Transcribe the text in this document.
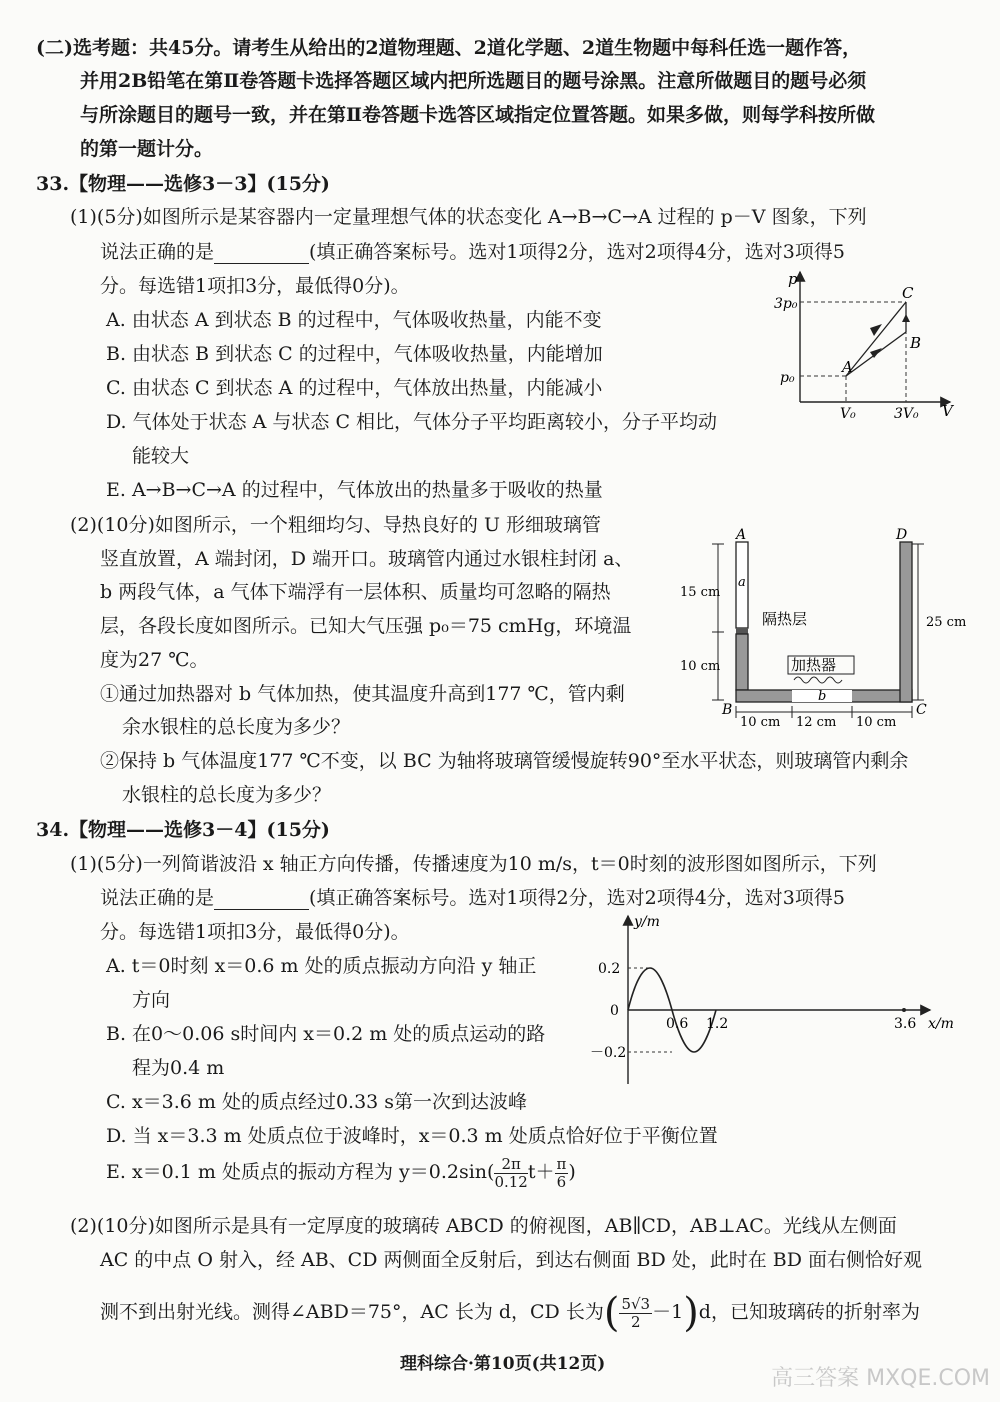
(二)选考题：共45分。请考生从给出的2道物理题、2道化学题、2道生物题中每科任选一题作答，
并用2B铅笔在第Ⅱ卷答题卡选择答题区域内把所选题目的题号涂黑。注意所做题目的题号必须
与所涂题目的题号一致，并在第Ⅱ卷答题卡选答区域指定位置答题。如果多做，则每学科按所做
的第一题计分。
33.【物理——选修3－3】(15分)
(1)(5分)如图所示是某容器内一定量理想气体的状态变化 A→B→C→A 过程的 p－V 图象，下列
说法正确的是	(填正确答案标号。选对1项得2分，选对2项得4分，选对3项得5
分。每选错1项扣3分，最低得0分)。
A. 由状态 A 到状态 B 的过程中，气体吸收热量，内能不变
B. 由状态 B 到状态 C 的过程中，气体吸收热量，内能增加
C. 由状态 C 到状态 A 的过程中，气体放出热量，内能减小
D. 气体处于状态 A 与状态 C 相比，气体分子平均距离较小，分子平均动
能较大
E. A→B→C→A 的过程中，气体放出的热量多于吸收的热量
p
V
3p₀
p₀
V₀	3V₀
A
B
C
(2)(10分)如图所示，一个粗细均匀、导热良好的 U 形细玻璃管
竖直放置，A 端封闭，D 端开口。玻璃管内通过水银柱封闭 a、
b 两段气体，a 气体下端浮有一层体积、质量均可忽略的隔热
层，各段长度如图所示。已知大气压强 p₀＝75 cmHg，环境温
度为27 ℃。
①通过加热器对 b 气体加热，使其温度升高到177 ℃，管内剩
余水银柱的总长度为多少？
②保持 b 气体温度177 ℃不变，以 BC 为轴将玻璃管缓慢旋转90°至水平状态，则玻璃管内剩余
水银柱的总长度为多少？
加热器
隔热层
A	D
B	C
a
b
15 cm
10 cm
25 cm
10 cm 12 cm 10 cm
34.【物理——选修3－4】(15分)
(1)(5分)一列简谐波沿 x 轴正方向传播，传播速度为10 m/s，t＝0时刻的波形图如图所示，下列
说法正确的是	(填正确答案标号。选对1项得2分，选对2项得4分，选对3项得5
分。每选错1项扣3分，最低得0分)。
A. t＝0时刻 x＝0.6 m 处的质点振动方向沿 y 轴正
方向
B. 在0～0.06 s时间内 x＝0.2 m 处的质点运动的路
程为0.4 m
C. x＝3.6 m 处的质点经过0.33 s第一次到达波峰
D. 当 x＝3.3 m 处质点位于波峰时，x＝0.3 m 处质点恰好位于平衡位置
E. x＝0.1 m 处质点的振动方程为 $y=0.2\sin( \frac{2\pi}{0.12} t+ \frac{\pi}{6}$ )
y/m
x/m
0.2
0
－0.2
0.6 1.2	3.6
(2)(10分)如图所示是具有一定厚度的玻璃砖 ABCD 的俯视图，AB∥CD，AB⊥AC。光线从左侧面
AC 的中点 O 射入，经 AB、CD 两侧面全反射后，到达右侧面 BD 处，此时在 BD 面右侧恰好观
测不到出射光线。测得∠ABD＝75°，AC 长为 d，CD 长为( $\frac{5√3}{2} -1)d$，已知玻璃砖的折射率为
理科综合·第10页(共12页)
高三答案 MXQE.COM
